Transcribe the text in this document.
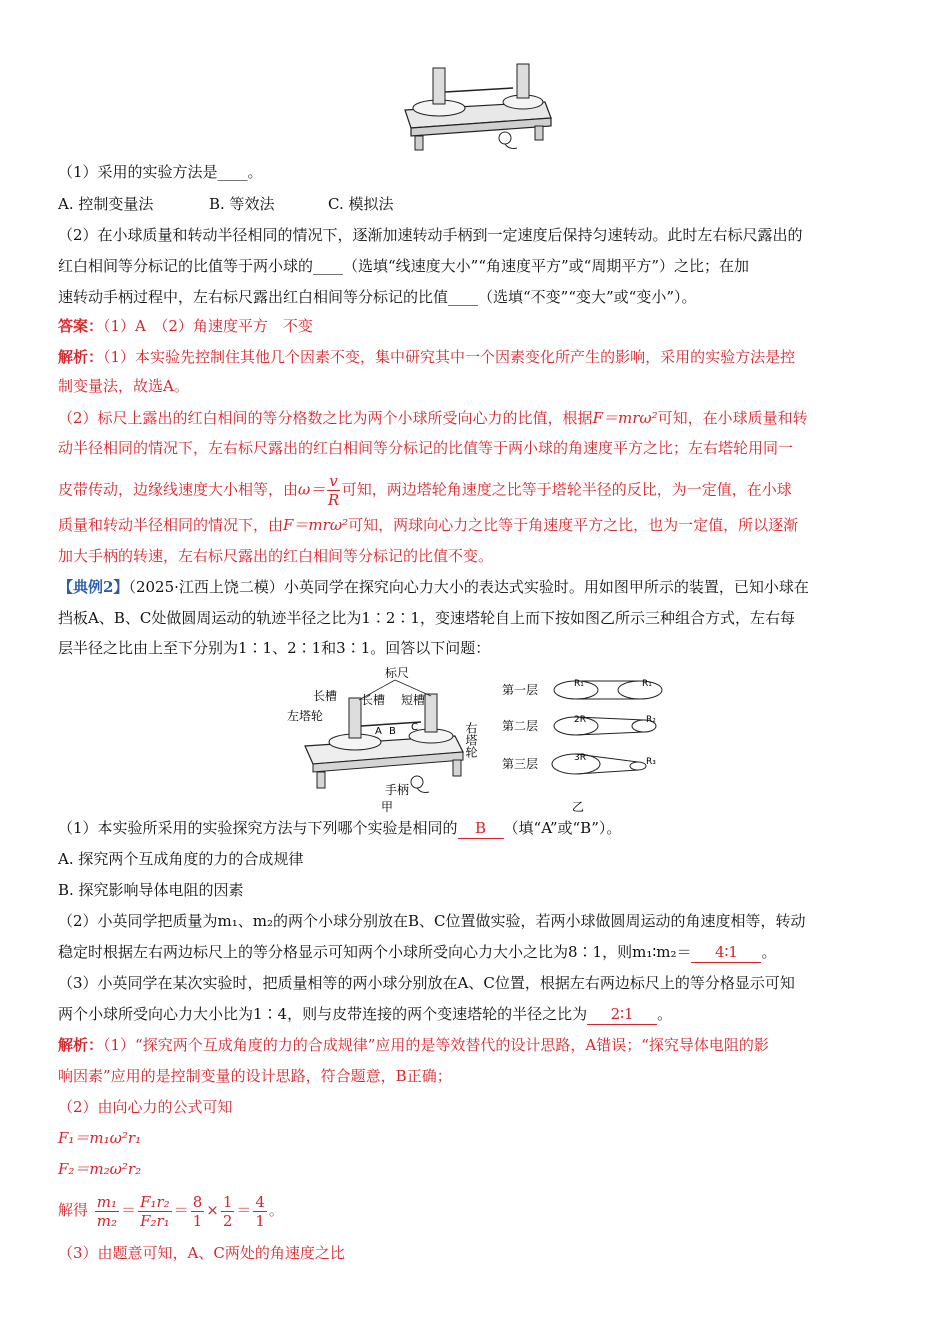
（1）采用的实验方法是____。
A. 控制变量法	B. 等效法	C. 模拟法
（2）在小球质量和转动半径相同的情况下，逐渐加速转动手柄到一定速度后保持匀速转动。此时左右标尺露出的
红白相间等分标记的比值等于两小球的____（选填“线速度大小”“角速度平方”或“周期平方”）之比；在加
速转动手柄过程中，左右标尺露出红白相间等分标记的比值____（选填“不变”“变大”或“变小”）。
答案：（1）A　（2）角速度平方　不变
解析：（1）本实验先控制住其他几个因素不变，集中研究其中一个因素变化所产生的影响，采用的实验方法是控
制变量法，故选A。
（2）标尺上露出的红白相间的等分格数之比为两个小球所受向心力的比值，根据F＝mrω²可知，在小球质量和转
动半径相同的情况下，左右标尺露出的红白相间等分标记的比值等于两小球的角速度平方之比；左右塔轮用同一
皮带传动，边缘线速度大小相等，由$\omega= \frac{v}{R}$ 可知，两边塔轮角速度之比等于塔轮半径的反比，为一定值，在小球
质量和转动半径相同的情况下，由F＝mrω²可知，两球向心力之比等于角速度平方之比，也为一定值，所以逐渐
加大手柄的转速，左右标尺露出的红白相间等分标记的比值不变。
【典例2】（2025·江西上饶二模）小英同学在探究向心力大小的表达式实验时。用如图甲所示的装置，已知小球在
挡板A、B、C处做圆周运动的轨迹半径之比为1∶2∶1，变速塔轮自上而下按如图乙所示三种组合方式，左右每
层半径之比由上至下分别为1∶1、2∶1和3∶1。回答以下问题：
标尺
长槽 长槽 短槽
左塔轮
右塔轮
A B C
手柄
甲
第一层
第二层
第三层
R₁
2R
3R
R₁
R₂
R₃
乙
（1）本实验所采用的实验探究方法与下列哪个实验是相同的 B （填“A”或“B”）。
A. 探究两个互成角度的力的合成规律
B. 探究影响导体电阻的因素
（2）小英同学把质量为m₁、m₂的两个小球分别放在B、C位置做实验，若两小球做圆周运动的角速度相等，转动
稳定时根据左右两边标尺上的等分格显示可知两个小球所受向心力大小之比为8∶1，则m₁∶m₂＝ 4∶1 。
（3）小英同学在某次实验时，把质量相等的两小球分别放在A、C位置，根据左右两边标尺上的等分格显示可知
两个小球所受向心力大小比为1∶4，则与皮带连接的两个变速塔轮的半径之比为 2∶1 。
解析：（1）“探究两个互成角度的力的合成规律”应用的是等效替代的设计思路，A错误；“探究导体电阻的影
响因素”应用的是控制变量的设计思路，符合题意，B正确；
（2）由向心力的公式可知
F₁＝m₁ω²r₁
F₂＝m₂ω²r₂
解得 $\frac{\text{m₁}}{\text{m₂}} = \frac{\text{F₁r₂}}{\text{F₂r₁}} = \frac{8}{1} \times \frac{1}{2} = \frac{4}{1}$ 。
（3）由题意可知，A、C两处的角速度之比
